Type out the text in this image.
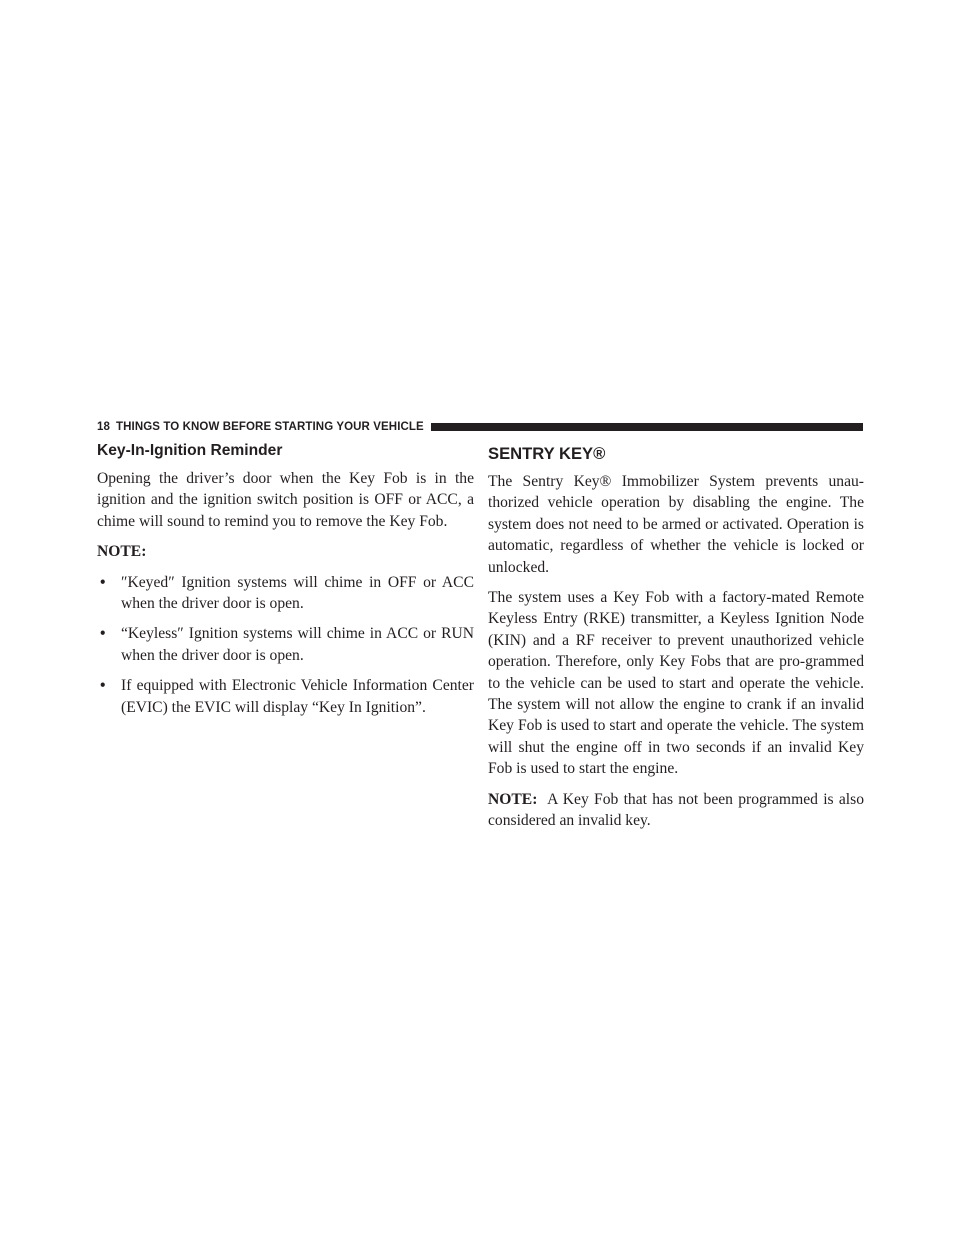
18 THINGS TO KNOW BEFORE STARTING YOUR VEHICLE
Key-In-Ignition Reminder

Opening the driver’s door when the Key Fob is in the ignition and the ignition switch position is OFF or ACC, a chime will sound to remind you to remove the Key Fob.

NOTE:
• ″Keyed″ Ignition systems will chime in OFF or ACC when the driver door is open.
• “Keyless″ Ignition systems will chime in ACC or RUN when the driver door is open.
• If equipped with Electronic Vehicle Information Center (EVIC) the EVIC will display “Key In Ignition”.
SENTRY KEY®

The Sentry Key® Immobilizer System prevents unau-thorized vehicle operation by disabling the engine. The system does not need to be armed or activated. Operation is automatic, regardless of whether the vehicle is locked or unlocked.

The system uses a Key Fob with a factory-mated Remote Keyless Entry (RKE) transmitter, a Keyless Ignition Node (KIN) and a RF receiver to prevent unauthorized vehicle operation. Therefore, only Key Fobs that are pro-grammed to the vehicle can be used to start and operate the vehicle. The system will not allow the engine to crank if an invalid Key Fob is used to start and operate the vehicle. The system will shut the engine off in two seconds if an invalid Key Fob is used to start the engine.

NOTE: A Key Fob that has not been programmed is also considered an invalid key.
